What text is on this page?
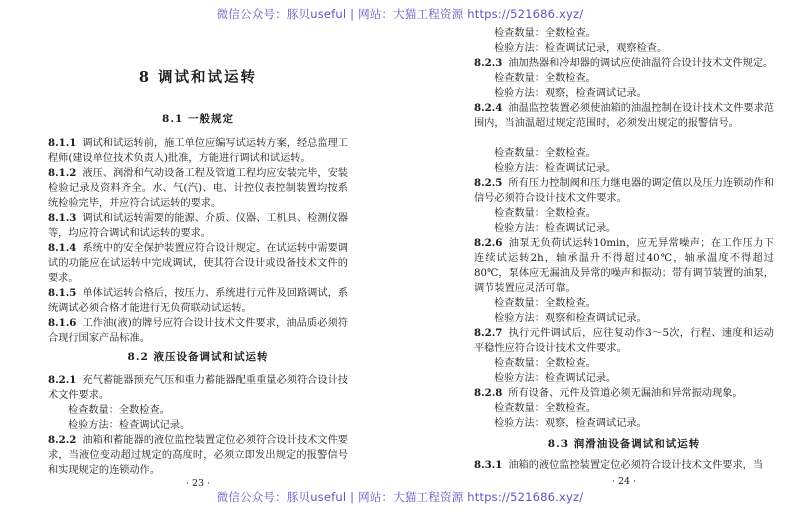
微信公众号：豚贝useful | 网站：大猫工程资源 https://521686.xyz/
8 调试和试运转
8.1 一般规定
8.1.1 调试和试运转前，施工单位应编写试运转方案，经总监理工程师(建设单位技术负责人)批准，方能进行调试和试运转。
8.1.2 液压、润滑和气动设备工程及管道工程均应安装完毕，安装检验记录及资料齐全。水、气(汽)、电、计控仪表控制装置均按系统检验完毕，并应符合试运转的要求。
8.1.3 调试和试运转需要的能源、介质、仪器、工机具、检测仪器等，均应符合调试和试运转的要求。
8.1.4 系统中的安全保护装置应符合设计规定。在试运转中需要调试的功能应在试运转中完成调试，使其符合设计或设备技术文件的要求。
8.1.5 单体试运转合格后，按压力、系统进行元件及回路调试，系统调试必须合格才能进行无负荷联动试运转。
8.1.6 工作油(液)的牌号应符合设计技术文件要求，油品质必须符合现行国家产品标准。
8.2 液压设备调试和试运转
8.2.1 充气蓄能器预充气压和重力蓄能器配重重量必须符合设计技术文件要求。
检查数量：全数检查。
检验方法：检查调试记录。
8.2.2 油箱和蓄能器的液位监控装置定位必须符合设计技术文件要求，当液位变动超过规定的高度时，必须立即发出规定的报警信号和实现规定的连锁动作。
· 23 ·
检查数量：全数检查。
检验方法：检查调试记录，观察检查。
8.2.3 油加热器和冷却器的调试应使油温符合设计技术文件规定。
检查数量：全数检查。
检验方法：观察，检查调试记录。
8.2.4 油温监控装置必须使油箱的油温控制在设计技术文件要求范围内，当油温超过规定范围时，必须发出规定的报警信号。
检查数量：全数检查。
检验方法：检查调试记录。
8.2.5 所有压力控制阀和压力继电器的调定值以及压力连锁动作和信号必须符合设计技术文件要求。
检查数量：全数检查。
检验方法：检查调试记录。
8.2.6 油泵无负荷试运转10min，应无异常噪声；在工作压力下连续试运转2h，轴承温升不得超过40℃，轴承温度不得超过80℃，泵体应无漏油及异常的噪声和振动；带有调节装置的油泵，调节装置应灵活可靠。
检查数量：全数检查。
检验方法：观察和检查调试记录。
8.2.7 执行元件调试后，应往复动作3～5次，行程、速度和运动平稳性应符合设计技术文件要求。
检查数量：全数检查。
检验方法：检查调试记录。
8.2.8 所有设备、元件及管道必须无漏油和异常振动现象。
检查数量：全数检查。
检验方法：观察，检查调试记录。
8.3 润滑油设备调试和试运转
8.3.1 油箱的液位监控装置定位必须符合设计技术文件要求，当
· 24 ·
微信公众号：豚贝useful | 网站：大猫工程资源 https://521686.xyz/
